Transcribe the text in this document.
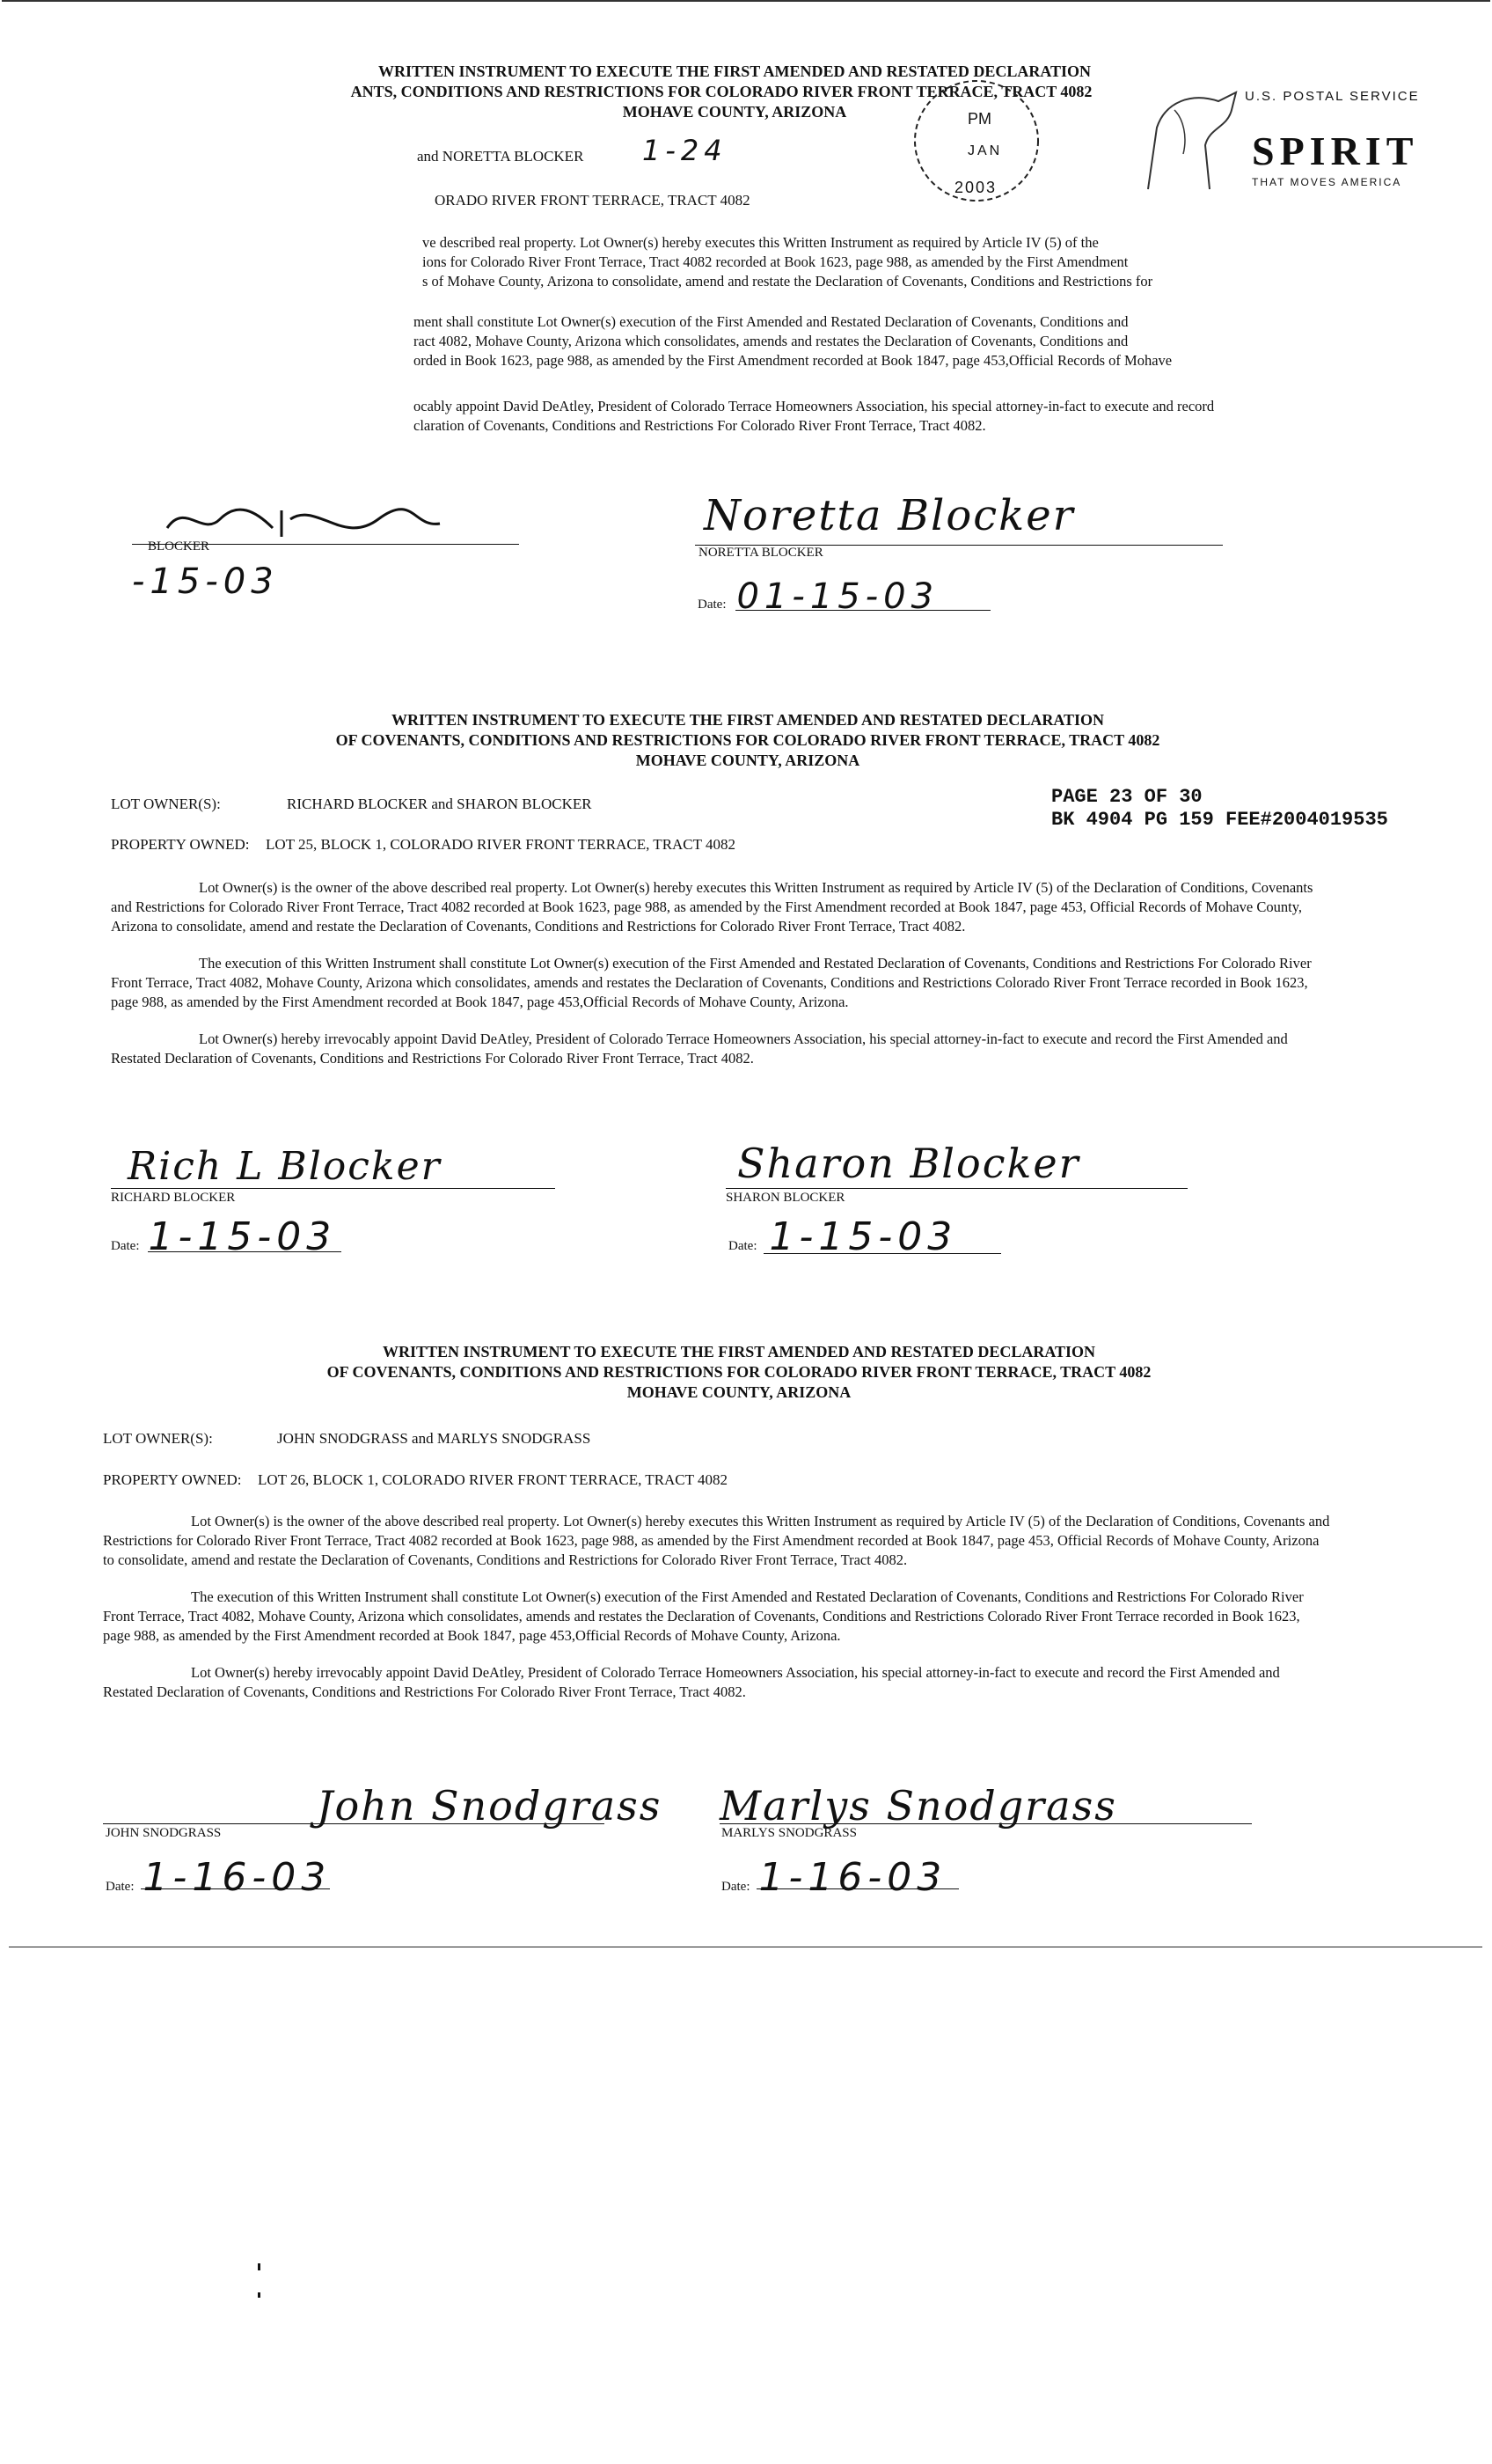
WRITTEN INSTRUMENT TO EXECUTE THE FIRST AMENDED AND RESTATED DECLARATION
ANTS, CONDITIONS AND RESTRICTIONS FOR COLORADO RIVER FRONT TERRACE, TRACT 4082
MOHAVE COUNTY, ARIZONA
and NORETTA BLOCKER 1-24
ORADO RIVER FRONT TERRACE, TRACT 4082
ve described real property. Lot Owner(s) hereby executes this Written Instrument as required by Article IV (5) of the
ions for Colorado River Front Terrace, Tract 4082 recorded at Book 1623, page 988, as amended by the First Amendment
s of Mohave County, Arizona to consolidate, amend and restate the Declaration of Covenants, Conditions and Restrictions for
ment shall constitute Lot Owner(s) execution of the First Amended and Restated Declaration of Covenants, Conditions and
ract 4082, Mohave County, Arizona which consolidates, amends and restates the Declaration of Covenants, Conditions and
orded in Book 1623, page 988, as amended by the First Amendment recorded at Book 1847, page 453,Official Records of Mohave
ocably appoint David DeAtley, President of Colorado Terrace Homeowners Association, his special attorney-in-fact to execute and record
claration of Covenants, Conditions and Restrictions For Colorado River Front Terrace, Tract 4082.
BLOCKER
-15-03
Noretta Blocker
NORETTA BLOCKER
Date: 01-15-03
PM
JAN
2003
U.S. POSTAL SERVICE
SPIRIT
THAT MOVES AMERICA
WRITTEN INSTRUMENT TO EXECUTE THE FIRST AMENDED AND RESTATED DECLARATION
OF COVENANTS, CONDITIONS AND RESTRICTIONS FOR COLORADO RIVER FRONT TERRACE, TRACT 4082
MOHAVE COUNTY, ARIZONA
LOT OWNER(S):	RICHARD BLOCKER and SHARON BLOCKER	PAGE 23 OF 30
BK 4904 PG 159 FEE#2004019535
PROPERTY OWNED: LOT 25, BLOCK 1, COLORADO RIVER FRONT TERRACE, TRACT 4082

Lot Owner(s) is the owner of the above described real property. Lot Owner(s) hereby executes this Written Instrument as required by Article IV (5) of the Declaration of Conditions, Covenants and Restrictions for Colorado River Front Terrace, Tract 4082 recorded at Book 1623, page 988, as amended by the First Amendment recorded at Book 1847, page 453, Official Records of Mohave County, Arizona to consolidate, amend and restate the Declaration of Covenants, Conditions and Restrictions for Colorado River Front Terrace, Tract 4082.

The execution of this Written Instrument shall constitute Lot Owner(s) execution of the First Amended and Restated Declaration of Covenants, Conditions and Restrictions For Colorado River Front Terrace, Tract 4082, Mohave County, Arizona which consolidates, amends and restates the Declaration of Covenants, Conditions and Restrictions Colorado River Front Terrace recorded in Book 1623, page 988, as amended by the First Amendment recorded at Book 1847, page 453,Official Records of Mohave County, Arizona.

Lot Owner(s) hereby irrevocably appoint David DeAtley, President of Colorado Terrace Homeowners Association, his special attorney-in-fact to execute and record the First Amended and Restated Declaration of Covenants, Conditions and Restrictions For Colorado River Front Terrace, Tract 4082.

Rich L Blocker
RICHARD BLOCKER
Date: 1-15-03
Sharon Blocker
SHARON BLOCKER
Date: 1-15-03
WRITTEN INSTRUMENT TO EXECUTE THE FIRST AMENDED AND RESTATED DECLARATION
OF COVENANTS, CONDITIONS AND RESTRICTIONS FOR COLORADO RIVER FRONT TERRACE, TRACT 4082
MOHAVE COUNTY, ARIZONA
LOT OWNER(S):	JOHN SNODGRASS and MARLYS SNODGRASS
PROPERTY OWNED: LOT 26, BLOCK 1, COLORADO RIVER FRONT TERRACE, TRACT 4082

Lot Owner(s) is the owner of the above described real property. Lot Owner(s) hereby executes this Written Instrument as required by Article IV (5) of the Declaration of Conditions, Covenants and Restrictions for Colorado River Front Terrace, Tract 4082 recorded at Book 1623, page 988, as amended by the First Amendment recorded at Book 1847, page 453, Official Records of Mohave County, Arizona to consolidate, amend and restate the Declaration of Covenants, Conditions and Restrictions for Colorado River Front Terrace, Tract 4082.

The execution of this Written Instrument shall constitute Lot Owner(s) execution of the First Amended and Restated Declaration of Covenants, Conditions and Restrictions For Colorado River Front Terrace, Tract 4082, Mohave County, Arizona which consolidates, amends and restates the Declaration of Covenants, Conditions and Restrictions Colorado River Front Terrace recorded in Book 1623, page 988, as amended by the First Amendment recorded at Book 1847, page 453,Official Records of Mohave County, Arizona.

Lot Owner(s) hereby irrevocably appoint David DeAtley, President of Colorado Terrace Homeowners Association, his special attorney-in-fact to execute and record the First Amended and Restated Declaration of Covenants, Conditions and Restrictions For Colorado River Front Terrace, Tract 4082.

John Snodgrass
JOHN SNODGRASS
Date: 1-16-03
Marlys Snodgrass
MARLYS SNODGRASS
Date: 1-16-03
